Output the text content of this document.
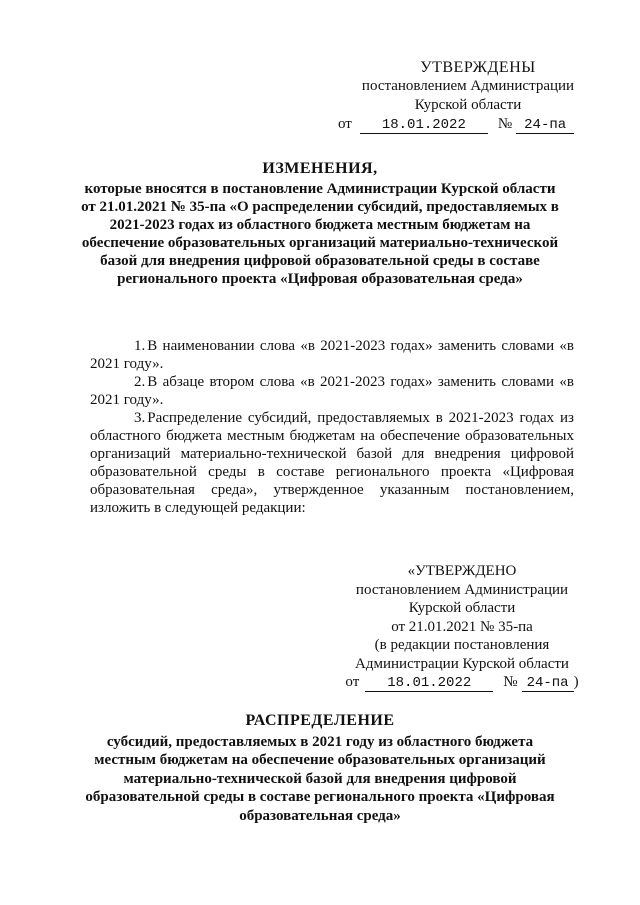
УТВЕРЖДЕНЫ
постановлением Администрации
Курской области
от	18.01.2022	№ 24-па
ИЗМЕНЕНИЯ,
которые вносятся в постановление Администрации Курской области от 21.01.2021 № 35-па «О распределении субсидий, предоставляемых в 2021-2023 годах из областного бюджета местным бюджетам на обеспечение образовательных организаций материально-технической базой для внедрения цифровой образовательной среды в составе регионального проекта «Цифровая образовательная среда»

1. В наименовании слова «в 2021-2023 годах» заменить словами «в 2021 году».

2. В абзаце втором слова «в 2021-2023 годах» заменить словами «в 2021 году».

3. Распределение субсидий, предоставляемых в 2021-2023 годах из областного бюджета местным бюджетам на обеспечение образовательных организаций материально-технической базой для внедрения цифровой образовательной среды в составе регионального проекта «Цифровая образовательная среда», утвержденное указанным постановлением, изложить в следующей редакции:

«УТВЕРЖДЕНО
постановлением Администрации
Курской области
от 21.01.2021 № 35-па
(в редакции постановления
Администрации Курской области
от	18.01.2022	№ 24-па )
РАСПРЕДЕЛЕНИЕ
субсидий, предоставляемых в 2021 году из областного бюджета местным бюджетам на обеспечение образовательных организаций материально-технической базой для внедрения цифровой образовательной среды в составе регионального проекта «Цифровая образовательная среда»
